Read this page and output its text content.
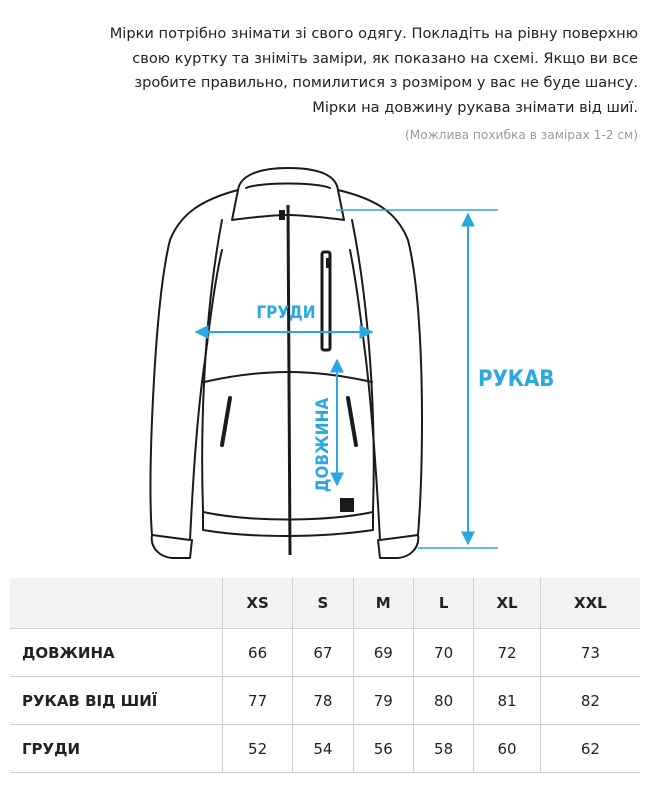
Мірки потрібно знімати зі свого одягу. Покладіть на рівну поверхню
свою куртку та зніміть заміри, як показано на схемі. Якщо ви все
зробите правильно, помилитися з розміром у вас не буде шансу.
Мірки на довжину рукава знімати від шиї.
(Можлива похибка в замірах 1-2 см)
ГРУДИ
ДОВЖИНА
РУКАВ
	XS	S	M	L	XL	XXL
ДОВЖИНА	66	67	69	70	72	73
РУКАВ ВІД ШИЇ	77	78	79	80	81	82
ГРУДИ	52	54	56	58	60	62
